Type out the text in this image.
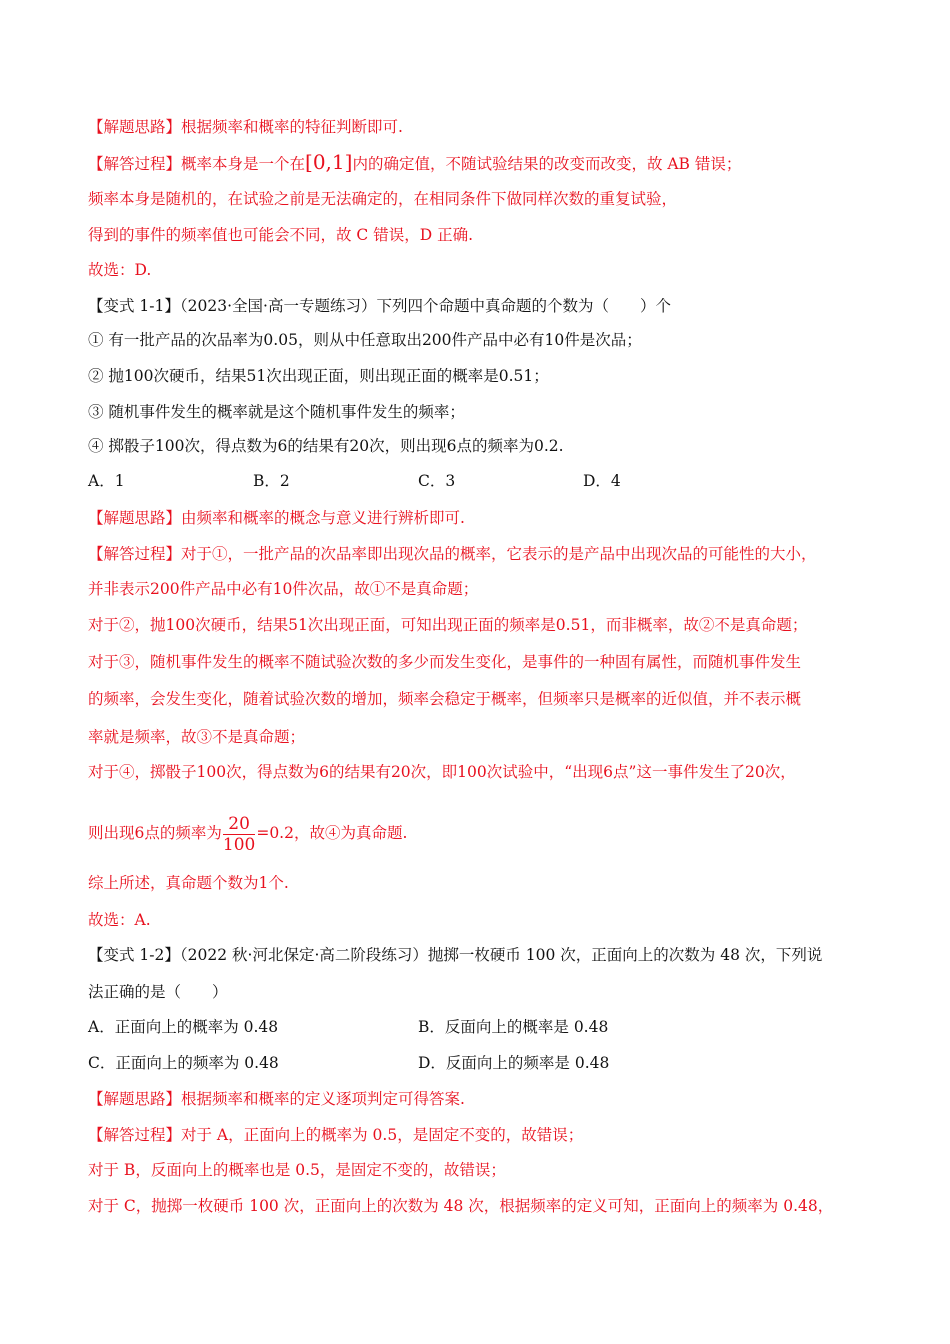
【解题思路】根据频率和概率的特征判断即可.
【解答过程】概率本身是一个在[0,1]内的确定值，不随试验结果的改变而改变，故 AB 错误；
频率本身是随机的，在试验之前是无法确定的，在相同条件下做同样次数的重复试验，
得到的事件的频率值也可能会不同，故 C 错误，D 正确.
故选：D.
【变式 1-1】（2023·全国·高一专题练习）下列四个命题中真命题的个数为（　　）个
① 有一批产品的次品率为0.05，则从中任意取出200件产品中必有10件是次品；
② 抛100次硬币，结果51次出现正面，则出现正面的概率是0.51；
③ 随机事件发生的概率就是这个随机事件发生的频率；
④ 掷骰子100次，得点数为6的结果有20次，则出现6点的频率为0.2.
A．1	B．2	C．3	D．4
【解题思路】由频率和概率的概念与意义进行辨析即可.
【解答过程】对于①，一批产品的次品率即出现次品的概率，它表示的是产品中出现次品的可能性的大小，
并非表示200件产品中必有10件次品，故①不是真命题；
对于②，抛100次硬币，结果51次出现正面，可知出现正面的频率是0.51，而非概率，故②不是真命题；
对于③，随机事件发生的概率不随试验次数的多少而发生变化，是事件的一种固有属性，而随机事件发生
的频率，会发生变化，随着试验次数的增加，频率会稳定于概率，但频率只是概率的近似值，并不表示概
率就是频率，故③不是真命题；
对于④，掷骰子100次，得点数为6的结果有20次，即100次试验中，“出现6点”这一事件发生了20次，
则出现6点的频率为 $\frac{20}{100} =0.2$，故④为真命题.
综上所述，真命题个数为1个.
故选：A.
【变式 1-2】（2022 秋·河北保定·高二阶段练习）抛掷一枚硬币 100 次，正面向上的次数为 48 次，下列说
法正确的是（　　）
A．正面向上的概率为 0.48	B．反面向上的概率是 0.48
C．正面向上的频率为 0.48	D．反面向上的频率是 0.48
【解题思路】根据频率和概率的定义逐项判定可得答案.
【解答过程】对于 A，正面向上的概率为 0.5，是固定不变的，故错误；
对于 B，反面向上的概率也是 0.5，是固定不变的，故错误；
对于 C，抛掷一枚硬币 100 次，正面向上的次数为 48 次，根据频率的定义可知，正面向上的频率为 0.48，
